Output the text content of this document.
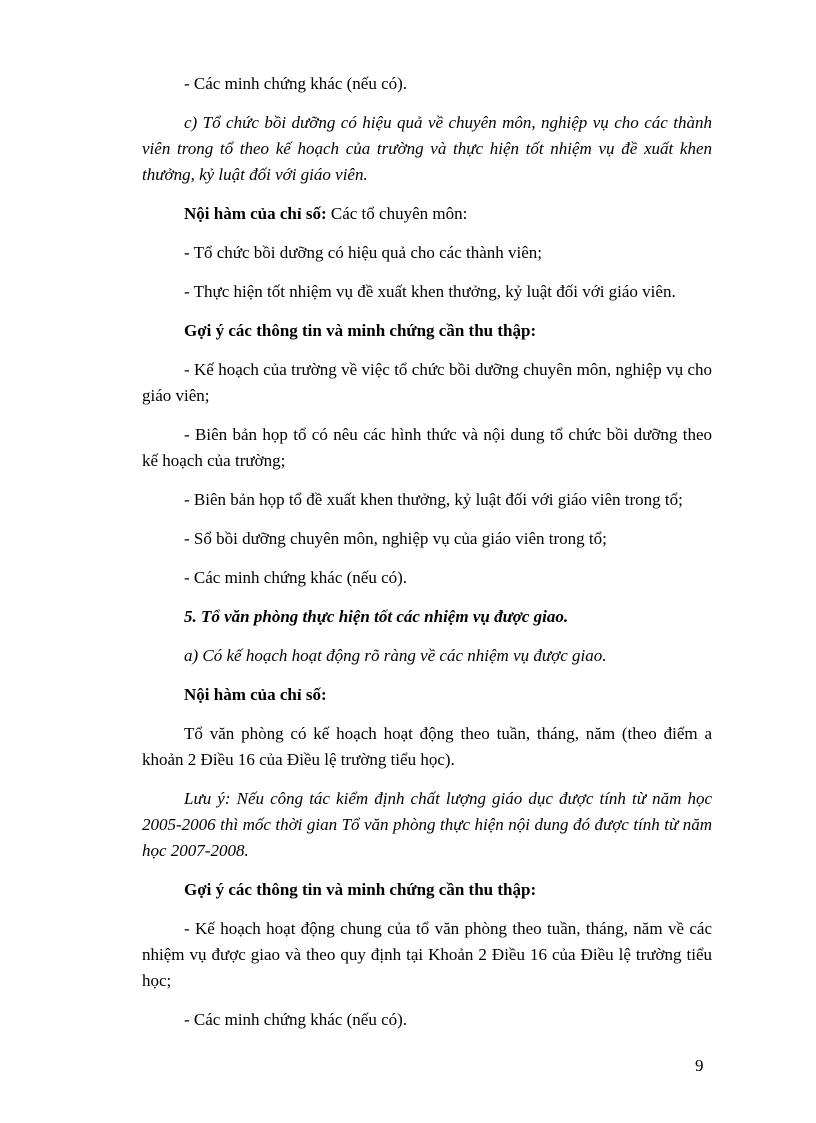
- Các minh chứng khác (nếu có).

c) Tổ chức bồi dưỡng có hiệu quả về chuyên môn, nghiệp vụ cho các thành viên trong tổ theo kế hoạch của trường và thực hiện tốt nhiệm vụ đề xuất khen thưởng, kỷ luật đối với giáo viên.

Nội hàm của chỉ số: Các tổ chuyên môn:

- Tổ chức bồi dưỡng có hiệu quả cho các thành viên;

- Thực hiện tốt nhiệm vụ đề xuất khen thưởng, kỷ luật đối với giáo viên.

Gợi ý các thông tin và minh chứng cần thu thập:

- Kế hoạch của trường về việc tổ chức bồi dưỡng chuyên môn, nghiệp vụ cho giáo viên;

- Biên bản họp tổ có nêu các hình thức và nội dung tổ chức bồi dưỡng theo kế hoạch của trường;

- Biên bản họp tổ đề xuất khen thưởng, kỷ luật đối với giáo viên trong tổ;

- Sổ bồi dưỡng chuyên môn, nghiệp vụ của giáo viên trong tổ;

- Các minh chứng khác (nếu có).

5. Tổ văn phòng thực hiện tốt các nhiệm vụ được giao.

a) Có kế hoạch hoạt động rõ ràng về các nhiệm vụ được giao.

Nội hàm của chỉ số:

Tổ văn phòng có kế hoạch hoạt động theo tuần, tháng, năm (theo điểm a khoản 2 Điều 16 của Điều lệ trường tiểu học).

Lưu ý: Nếu công tác kiểm định chất lượng giáo dục được tính từ năm học 2005-2006 thì mốc thời gian Tổ văn phòng thực hiện nội dung đó được tính từ năm học 2007-2008.

Gợi ý các thông tin và minh chứng cần thu thập:

- Kế hoạch hoạt động chung của tổ văn phòng theo tuần, tháng, năm về các nhiệm vụ được giao và theo quy định tại Khoản 2 Điều 16 của Điều lệ trường tiểu học;

- Các minh chứng khác (nếu có).

9
